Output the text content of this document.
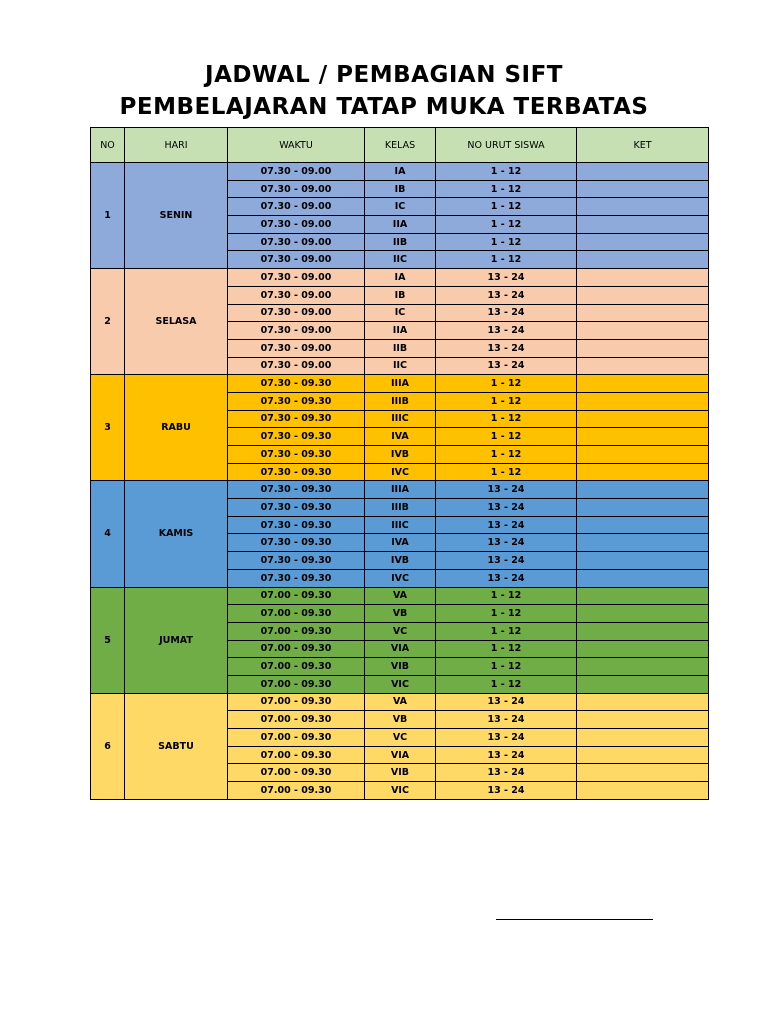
JADWAL / PEMBAGIAN SIFT
PEMBELAJARAN TATAP MUKA TERBATAS
NO	HARI	WAKTU	KELAS	NO URUT SISWA	KET
1	SENIN	07.30 - 09.00	IA	1 - 12	
		07.30 - 09.00	IB	1 - 12	
		07.30 - 09.00	IC	1 - 12	
		07.30 - 09.00	IIA	1 - 12	
		07.30 - 09.00	IIB	1 - 12	
		07.30 - 09.00	IIC	1 - 12	
2	SELASA	07.30 - 09.00	IA	13 - 24	
		07.30 - 09.00	IB	13 - 24	
		07.30 - 09.00	IC	13 - 24	
		07.30 - 09.00	IIA	13 - 24	
		07.30 - 09.00	IIB	13 - 24	
		07.30 - 09.00	IIC	13 - 24	
3	RABU	07.30 - 09.30	IIIA	1 - 12	
		07.30 - 09.30	IIIB	1 - 12	
		07.30 - 09.30	IIIC	1 - 12	
		07.30 - 09.30	IVA	1 - 12	
		07.30 - 09.30	IVB	1 - 12	
		07.30 - 09.30	IVC	1 - 12	
4	KAMIS	07.30 - 09.30	IIIA	13 - 24	
		07.30 - 09.30	IIIB	13 - 24	
		07.30 - 09.30	IIIC	13 - 24	
		07.30 - 09.30	IVA	13 - 24	
		07.30 - 09.30	IVB	13 - 24	
		07.30 - 09.30	IVC	13 - 24	
5	JUMAT	07.00 - 09.30	VA	1 - 12	
		07.00 - 09.30	VB	1 - 12	
		07.00 - 09.30	VC	1 - 12	
		07.00 - 09.30	VIA	1 - 12	
		07.00 - 09.30	VIB	1 - 12	
		07.00 - 09.30	VIC	1 - 12	
6	SABTU	07.00 - 09.30	VA	13 - 24	
		07.00 - 09.30	VB	13 - 24	
		07.00 - 09.30	VC	13 - 24	
		07.00 - 09.30	VIA	13 - 24	
		07.00 - 09.30	VIB	13 - 24	
		07.00 - 09.30	VIC	13 - 24	
